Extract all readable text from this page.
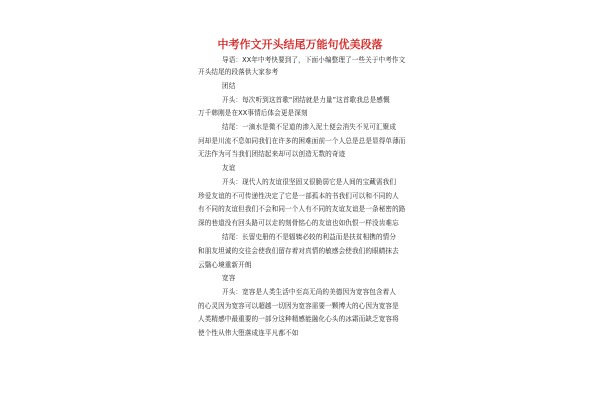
中考作文开头结尾万能句优美段落
导语：XX年中考快要到了，下面小编整理了一些关于中考作文
开头结尾的段落供大家参考
团结
开头：每次听到这首歌“团结就是力量”这首歌我总是感慨
万千韩刚是在XX事情后体会更是深刻
结尾：一滴水是微不足道的渗入泥土便会消失不见可汇聚成
河却是川流不息如同我们在许多的困难面前一个人总是总是显得单薄而
无法作为可当我们团结起来却可以创造无数的奇迹
友谊
开头：现代人的友谊很坚固又很脆弱它是人间的宝藏需我们
珍爱友谊的不可传递性决定了它是一部孤本的书我们可以和不同的人
有不同的友谊但我们不会和同一个人有不同的友谊友谊是一条秘密的路
深的巷道没有回头路可以走的刻骨铭心的友谊也如仇恨一样没齿难忘
结尾：长留史册的不是辐辏必较的利益而是扶贫相携的情分
和朋友坦诚的交往会使我们留存着对真情的敏感会使我们的眼睛抹去
云翳心境重新开朗
宽容
开头：宽容是人类生活中至高无尚的美德因为宽容包含着人
的心灵因为宽容可以超越一切因为宽容需要一颗博大的心因为宽容是
人类精感中最重要的一部分这种精感能融化心头的冰霜而缺乏宽容将
使个性从伟大堕落成连平凡都不如
